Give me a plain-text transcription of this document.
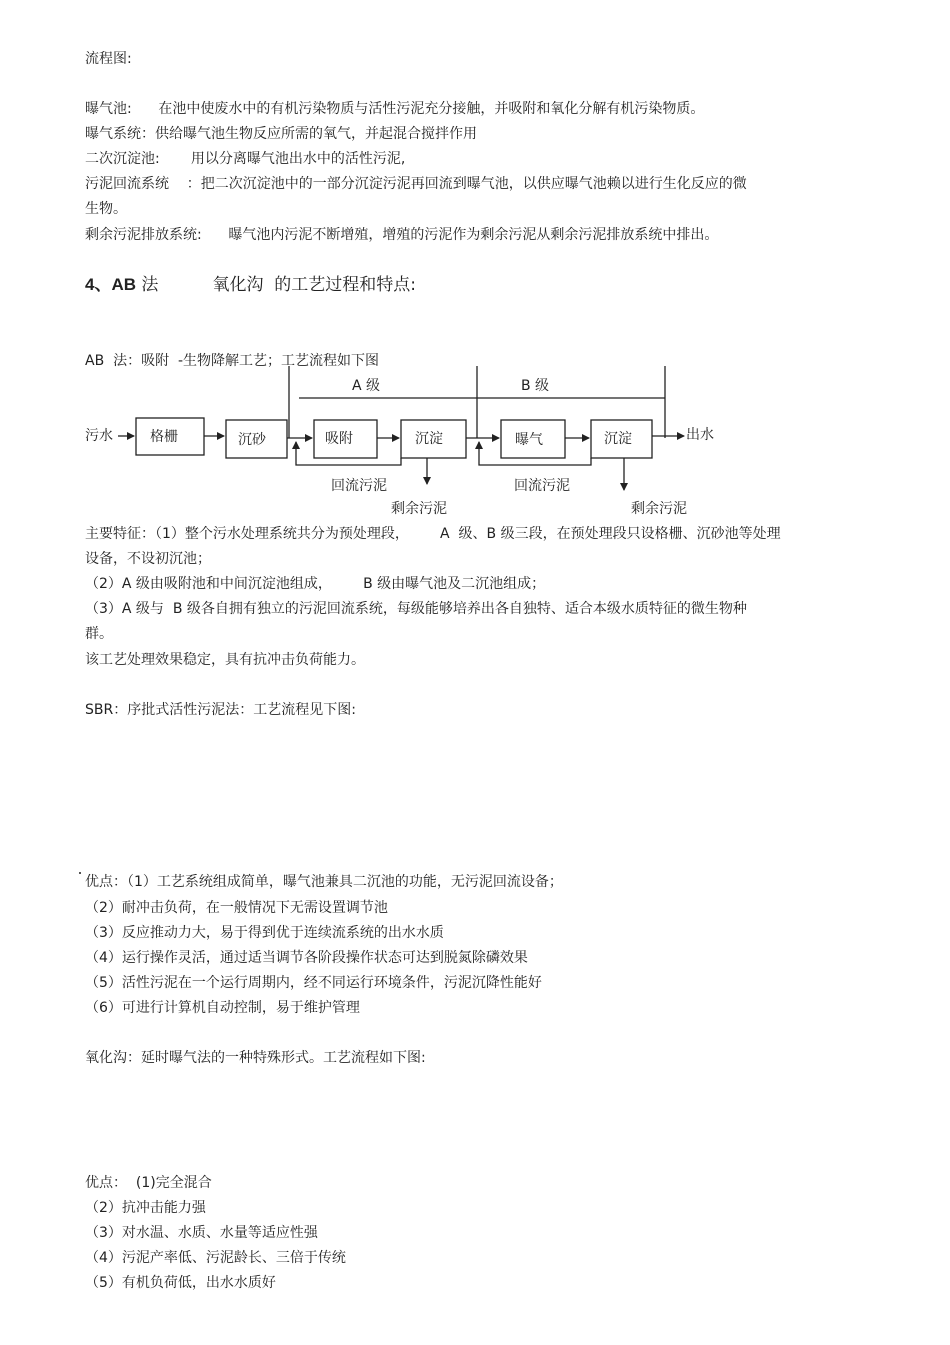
流程图:
曝气池:      在池中使废水中的有机污染物质与活性污泥充分接触，并吸附和氧化分解有机污染物质。
曝气系统：供给曝气池生物反应所需的氧气，并起混合搅拌作用
二次沉淀池:       用以分离曝气池出水中的活性污泥,
污泥回流系统    ：把二次沉淀池中的一部分沉淀污泥再回流到曝气池，以供应曝气池赖以进行生化反应的微
生物。
剩余污泥排放系统:      曝气池内污泥不断增殖，增殖的污泥作为剩余污泥从剩余污泥排放系统中排出。
4、AB 法	氧化沟  的工艺过程和特点:
AB  法：吸附  -生物降解工艺；工艺流程如下图
A 级	B 级
污水	出水
格栅	沉砂	吸附	沉淀	曝气	沉淀
回流污泥	回流污泥
剩余污泥	剩余污泥
主要特征：（1）整个污水处理系统共分为预处理段，       A  级、B 级三段，在预处理段只设格栅、沉砂池等处理
设备，不设初沉池；
（2）A 级由吸附池和中间沉淀池组成，       B 级由曝气池及二沉池组成；
（3）A 级与  B 级各自拥有独立的污泥回流系统，每级能够培养出各自独特、适合本级水质特征的微生物种
群。
该工艺处理效果稳定，具有抗冲击负荷能力。
SBR：序批式活性污泥法：工艺流程见下图:
优点：（1）工艺系统组成简单，曝气池兼具二沉池的功能，无污泥回流设备；
（2）耐冲击负荷，在一般情况下无需设置调节池
（3）反应推动力大，易于得到优于连续流系统的出水水质
（4）运行操作灵活，通过适当调节各阶段操作状态可达到脱氮除磷效果
（5）活性污泥在一个运行周期内，经不同运行环境条件，污泥沉降性能好
（6）可进行计算机自动控制，易于维护管理
氧化沟：延时曝气法的一种特殊形式。工艺流程如下图:
优点：  (1)完全混合
（2）抗冲击能力强
（3）对水温、水质、水量等适应性强
（4）污泥产率低、污泥龄长、三倍于传统
（5）有机负荷低，出水水质好
